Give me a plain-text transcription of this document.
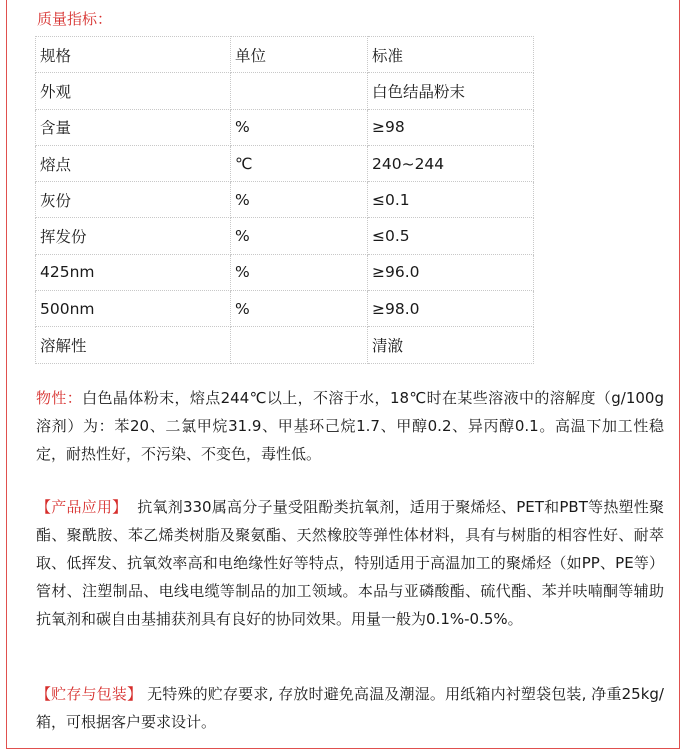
质量指标：
规格	单位	标准
外观		白色结晶粉末
含量	%	≥98
熔点	℃	240~244
灰份	%	≤0.1
挥发份	%	≤0.5
425nm	%	≥96.0
500nm	%	≥98.0
溶解性		清澈

物性：白色晶体粉末，熔点244℃以上，不溶于水，18℃时在某些溶液中的溶解度（g/100g溶剂）为：苯20、二氯甲烷31.9、甲基环己烷1.7、甲醇0.2、异丙醇0.1。高温下加工性稳定，耐热性好，不污染、不变色，毒性低。

【产品应用】  抗氧剂330属高分子量受阻酚类抗氧剂，适用于聚烯烃、PET和PBT等热塑性聚酯、聚酰胺、苯乙烯类树脂及聚氨酯、天然橡胶等弹性体材料，具有与树脂的相容性好、耐萃取、低挥发、抗氧效率高和电绝缘性好等特点，特别适用于高温加工的聚烯烃（如PP、PE等）管材、注塑制品、电线电缆等制品的加工领域。本品与亚磷酸酯、硫代酯、苯并呋喃酮等辅助抗氧剂和碳自由基捕获剂具有良好的协同效果。用量一般为0.1%-0.5%。

【贮存与包装】 无特殊的贮存要求, 存放时避免高温及潮湿。用纸箱内衬塑袋包装, 净重25kg/箱，可根据客户要求设计。
